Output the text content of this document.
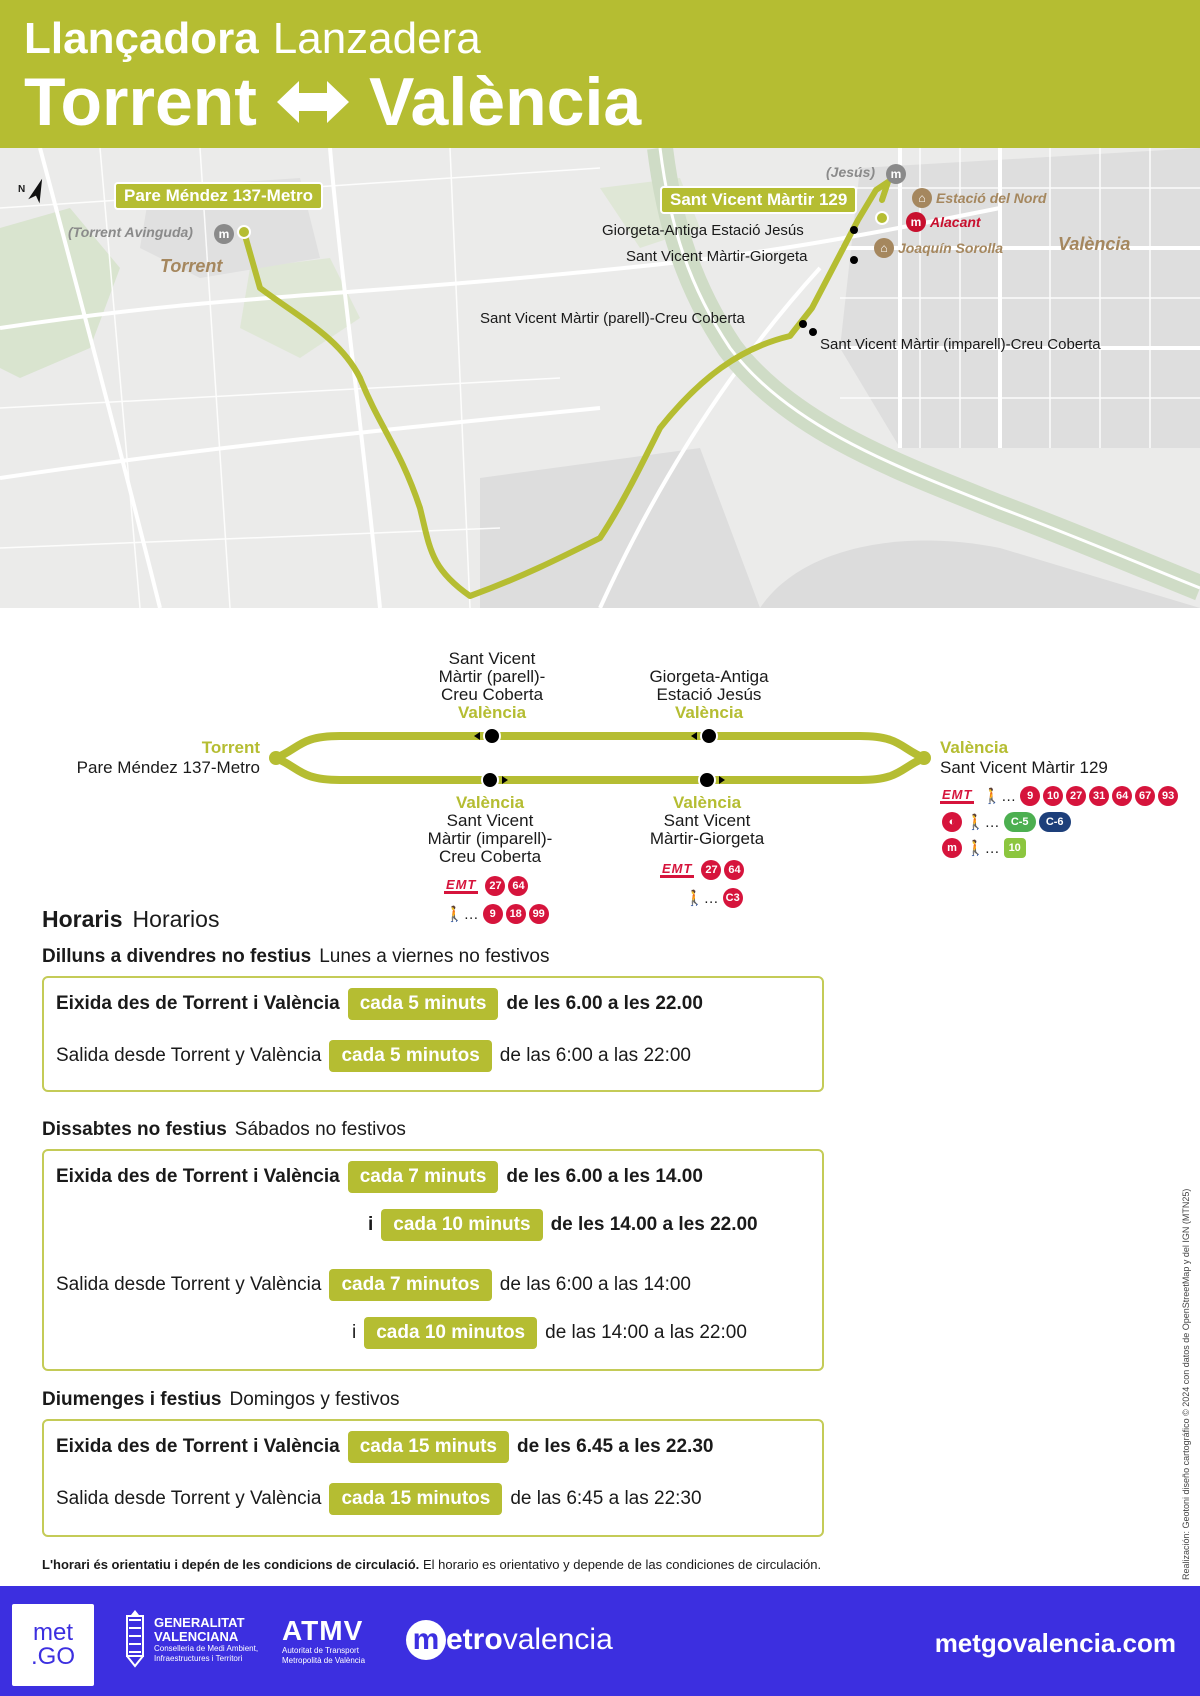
Llançadora Lanzadera
Torrent València
N	Pare Méndez 137-Metro	Sant Vicent Màrtir 129
Torrent
València
(Torrent Avinguda)	m
(Jesús)	m
⌂ Estació del Nord
m Alacant
⌂ Joaquín Sorolla
Giorgeta-Antiga Estació Jesús
Sant Vicent Màrtir-Giorgeta
Sant Vicent Màrtir (parell)-Creu Coberta
Sant Vicent Màrtir (imparell)-Creu Coberta
Torrent
Pare Méndez 137-Metro
València
Sant Vicent Màrtir 129
EMT 🚶… 9	10 27 31 64 67 93
◐ 🚶…	C-5	C-6
m 🚶… 10
Sant Vicent
Màrtir (parell)-
Creu Coberta
València
Giorgeta-Antiga
Estació Jesús
València
València
Sant Vicent
Màrtir (imparell)-
Creu Coberta
EMT	27 64
València
Sant Vicent
Màrtir-Giorgeta
EMT	27 64
🚶… C3
🚶… 9	18 99
Horaris Horarios
Dilluns a divendres no festius Lunes a viernes no festivos
Eixida des de Torrent i València	cada 5 minuts	de les 6.00 a les 22.00
Salida desde Torrent y València	cada 5 minutos	de las 6:00 a las 22:00
Dissabtes no festius Sábados no festivos
Eixida des de Torrent i València	cada 7 minuts	de les 6.00 a les 14.00
i	cada 10 minuts	de les 14.00 a les 22.00
Salida desde Torrent y València	cada 7 minutos	de las 6:00 a las 14:00
i	cada 10 minutos	de las 14:00 a las 22:00
Diumenges i festius Domingos y festivos
Eixida des de Torrent i València	cada 15 minuts	de les 6.45 a les 22.30
Salida desde Torrent y València	cada 15 minutos	de las 6:45 a las 22:30
L'horari és orientatiu i depén de les condicions de circulació. El horario es orientativo y depende de las condiciones de circulación.	Realización: Geotoni diseño cartográfico © 2024 con datos de OpenStreetMap y del IGN (MTN25)
met
.GO
GENERALITAT
VALENCIANA
Conselleria de Medi Ambient,
Infraestructures i Territori
ATMV
Autoritat de Transport
Metropolità de València
m etro valencia	metgovalencia.com
